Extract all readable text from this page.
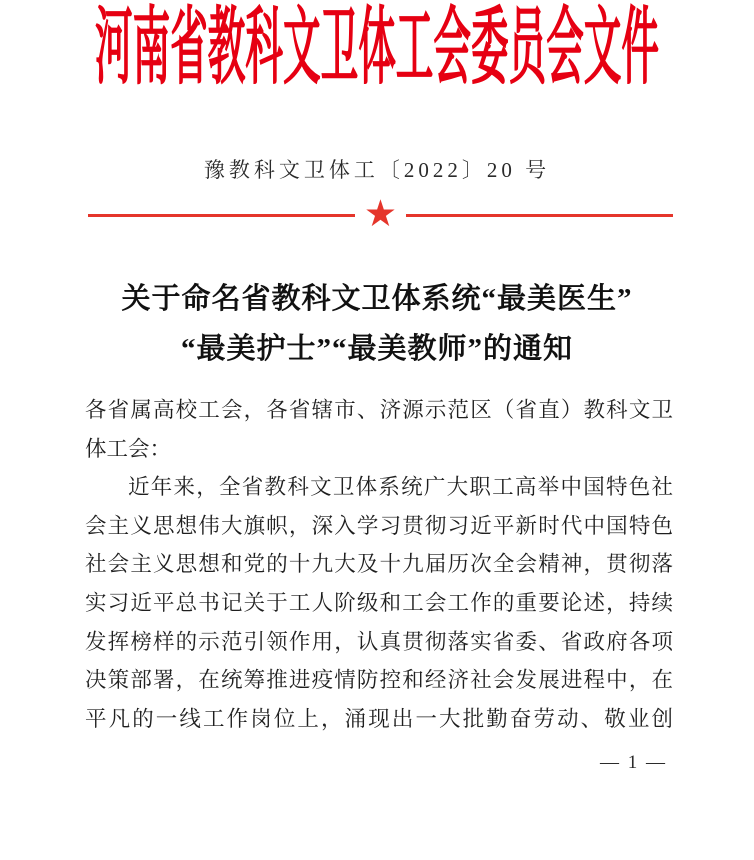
河南省教科文卫体工会委员会文件
豫教科文卫体工〔2022〕20 号
★
关于命名省教科文卫体系统“最美医生”
“最美护士”“最美教师”的通知
各省属高校工会，各省辖市、济源示范区（省直）教科文卫
体工会：
近年来，全省教科文卫体系统广大职工高举中国特色社
会主义思想伟大旗帜，深入学习贯彻习近平新时代中国特色
社会主义思想和党的十九大及十九届历次全会精神，贯彻落
实习近平总书记关于工人阶级和工会工作的重要论述，持续
发挥榜样的示范引领作用，认真贯彻落实省委、省政府各项
决策部署，在统筹推进疫情防控和经济社会发展进程中，在
平凡的一线工作岗位上，涌现出一大批勤奋劳动、敬业创
— 1 —
